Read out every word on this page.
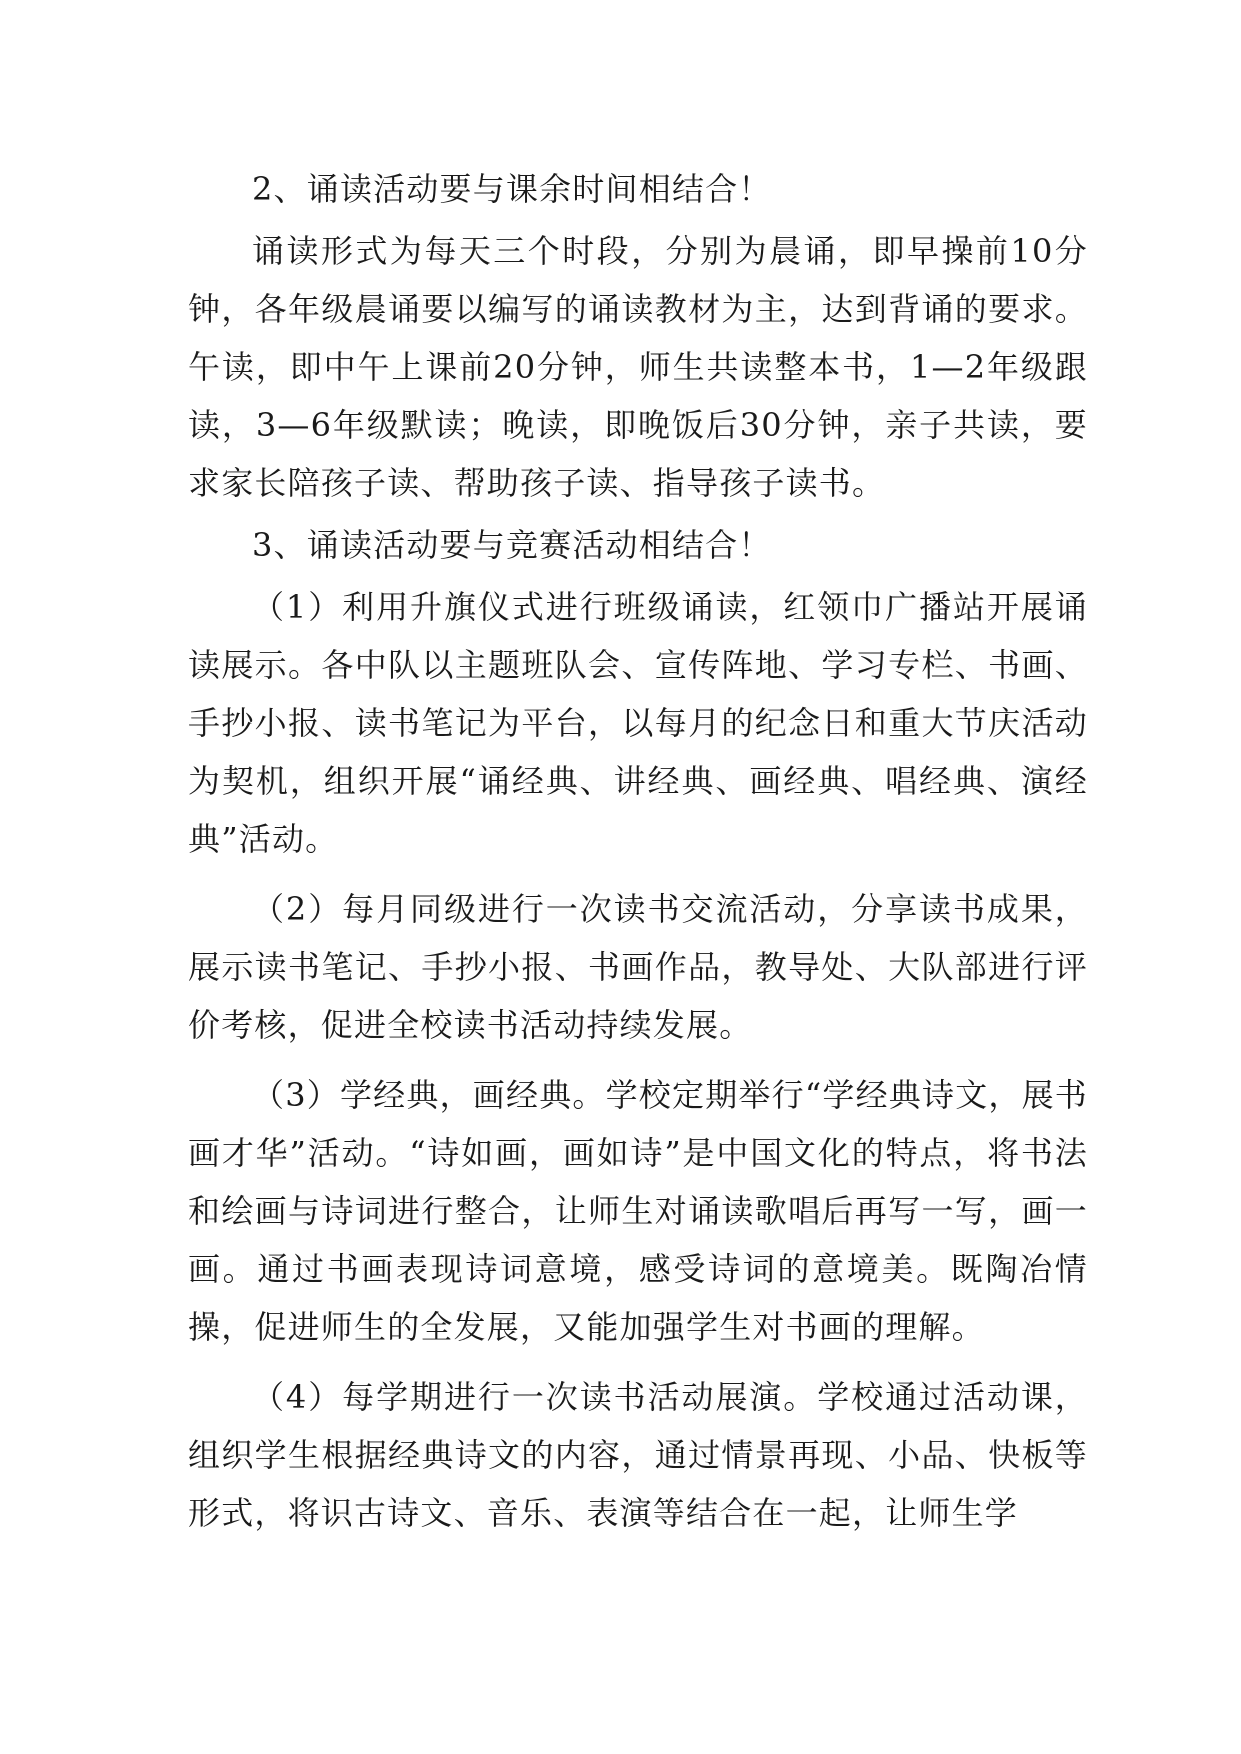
2、诵读活动要与课余时间相结合！

诵读形式为每天三个时段，分别为晨诵，即早操前10分钟，各年级晨诵要以编写的诵读教材为主，达到背诵的要求。午读，即中午上课前20分钟，师生共读整本书，1—2年级跟读，3—6年级默读；晚读，即晚饭后30分钟，亲子共读，要求家长陪孩子读、帮助孩子读、指导孩子读书。

3、诵读活动要与竞赛活动相结合！

（1）利用升旗仪式进行班级诵读，红领巾广播站开展诵读展示。各中队以主题班队会、宣传阵地、学习专栏、书画、手抄小报、读书笔记为平台，以每月的纪念日和重大节庆活动为契机，组织开展“诵经典、讲经典、画经典、唱经典、演经典”活动。

（2）每月同级进行一次读书交流活动，分享读书成果，展示读书笔记、手抄小报、书画作品，教导处、大队部进行评价考核，促进全校读书活动持续发展。

（3）学经典，画经典。学校定期举行“学经典诗文，展书画才华”活动。“诗如画，画如诗”是中国文化的特点，将书法和绘画与诗词进行整合，让师生对诵读歌唱后再写一写，画一画。通过书画表现诗词意境，感受诗词的意境美。既陶冶情操，促进师生的全发展，又能加强学生对书画的理解。

（4）每学期进行一次读书活动展演。学校通过活动课，组织学生根据经典诗文的内容，通过情景再现、小品、快板等形式，将识古诗文、音乐、表演等结合在一起，让师生学
